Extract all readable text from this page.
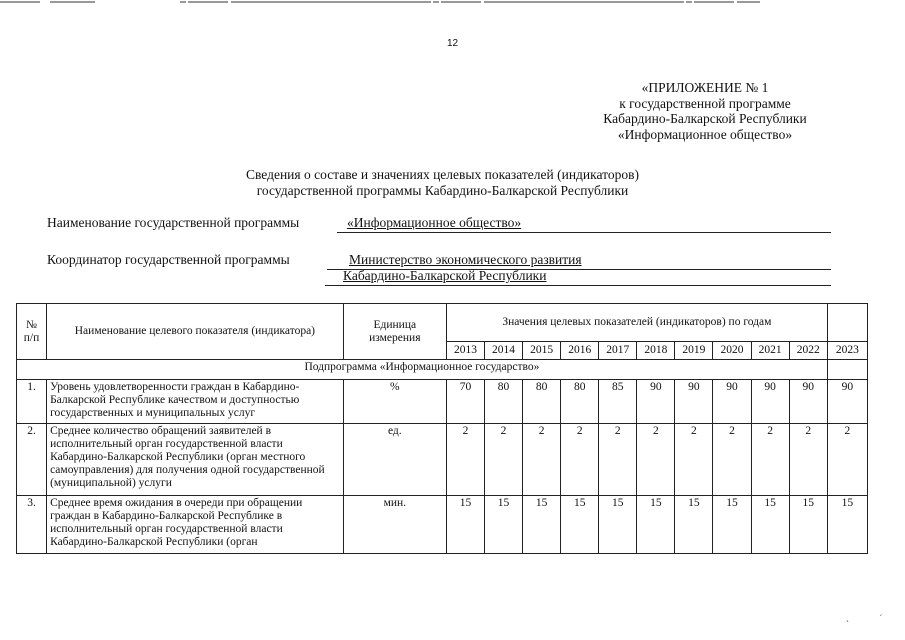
12
«ПРИЛОЖЕНИЕ № 1
к государственной программе
Кабардино-Балкарской Республики
«Информационное общество»
Сведения о составе и значениях целевых показателей (индикаторов)
государственной программы Кабардино-Балкарской Республики
Наименование государственной программы	«Информационное общество»
Координатор государственной программы	Министерство экономического развития
Кабардино-Балкарской Республики
№ п/п	Наименование целевого показателя (индикатора)	Единица измерения	Значения целевых показателей (индикаторов) по годам										
			2013	2014	2015	2016	2017	2018	2019	2020	2021	2022	2023
Подпрограмма «Информационное государство»													
1.	Уровень удовлетворенности граждан в Кабардино-Балкарской Республике качеством и доступностью государственных и муниципальных услуг	%	70	80	80	80	85	90	90	90	90	90	90
2.	Среднее количество обращений заявителей в исполнительный орган государственной власти Кабардино-Балкарской Республики (орган местного самоуправления) для получения одной государственной (муниципальной) услуги	ед.	2	2	2	2	2	2	2	2	2	2	2
3.	Среднее время ожидания в очереди при обращении граждан в Кабардино-Балкарской Республике в исполнительный орган государственной власти Кабардино-Балкарской Республики (орган	мин.	15	15	15	15	15	15	15	15	15	15	15
˴	′
